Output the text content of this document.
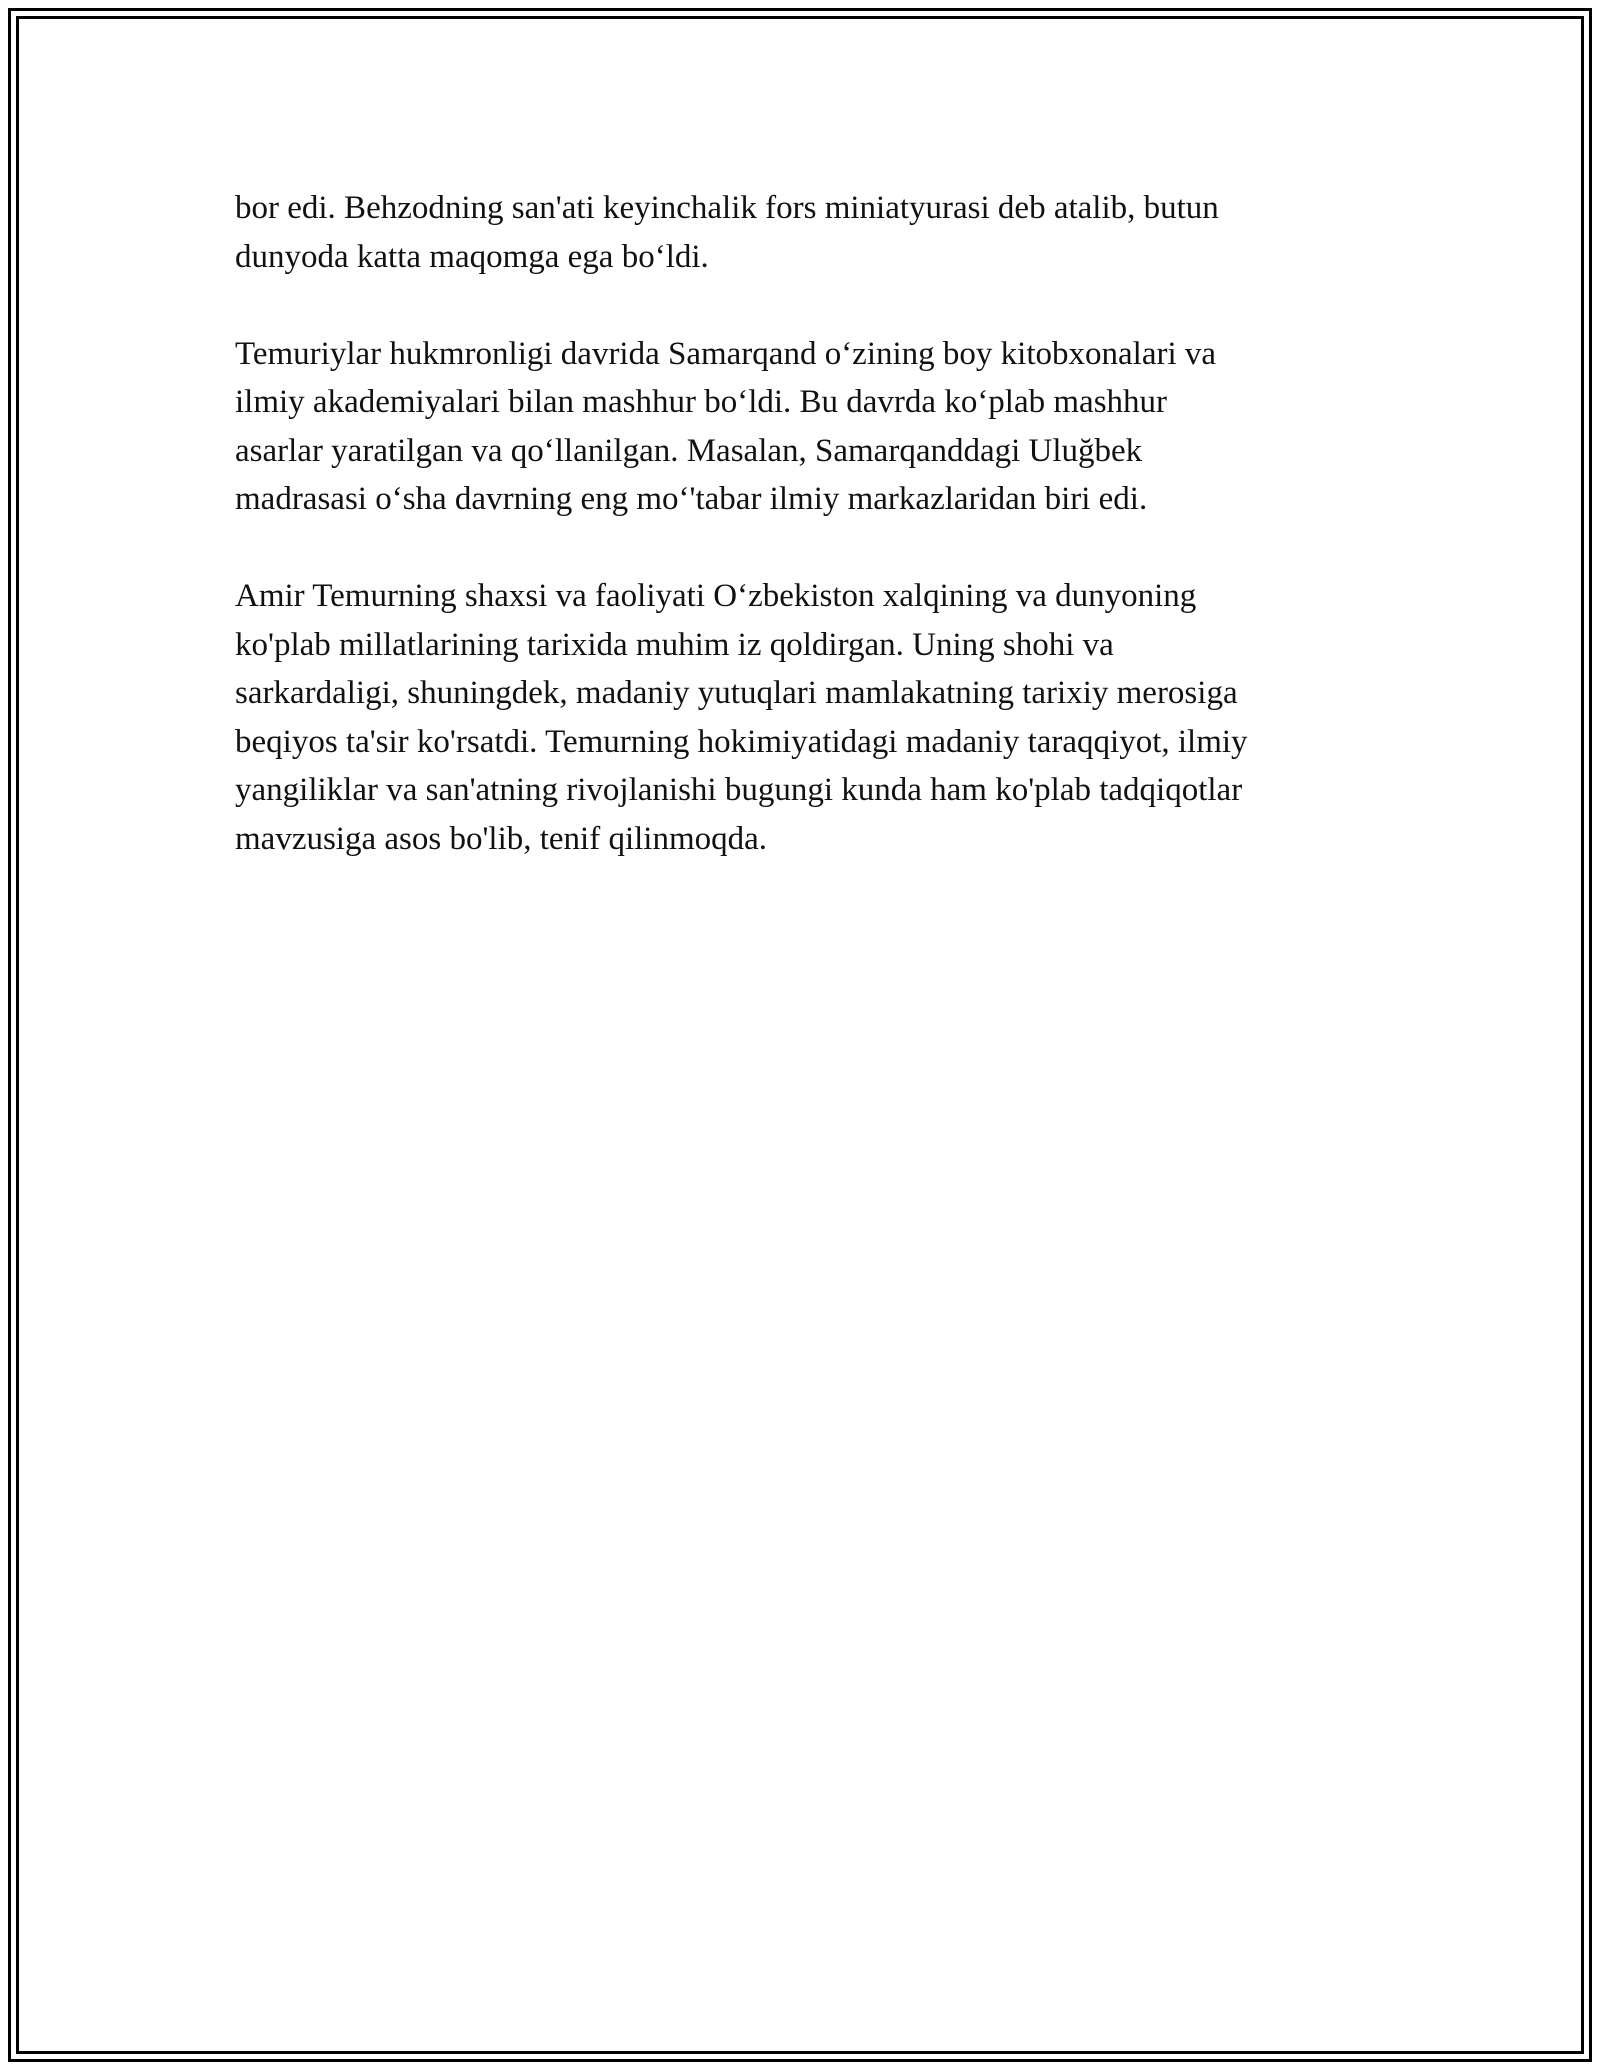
bor edi. Behzodning san'ati keyinchalik fors miniatyurasi deb atalib, butun
dunyoda katta maqomga ega bo‘ldi.

Temuriylar hukmronligi davrida Samarqand o‘zining boy kitobxonalari va
ilmiy akademiyalari bilan mashhur bo‘ldi. Bu davrda ko‘plab mashhur
asarlar yaratilgan va qo‘llanilgan. Masalan, Samarqanddagi Uluğbek
madrasasi o‘sha davrning eng mo‘'tabar ilmiy markazlaridan biri edi.

Amir Temurning shaxsi va faoliyati O‘zbekiston xalqining va dunyoning
ko'plab millatlarining tarixida muhim iz qoldirgan. Uning shohi va
sarkardaligi, shuningdek, madaniy yutuqlari mamlakatning tarixiy merosiga
beqiyos ta'sir ko'rsatdi. Temurning hokimiyatidagi madaniy taraqqiyot, ilmiy
yangiliklar va san'atning rivojlanishi bugungi kunda ham ko'plab tadqiqotlar
mavzusiga asos bo'lib, tenif qilinmoqda.
